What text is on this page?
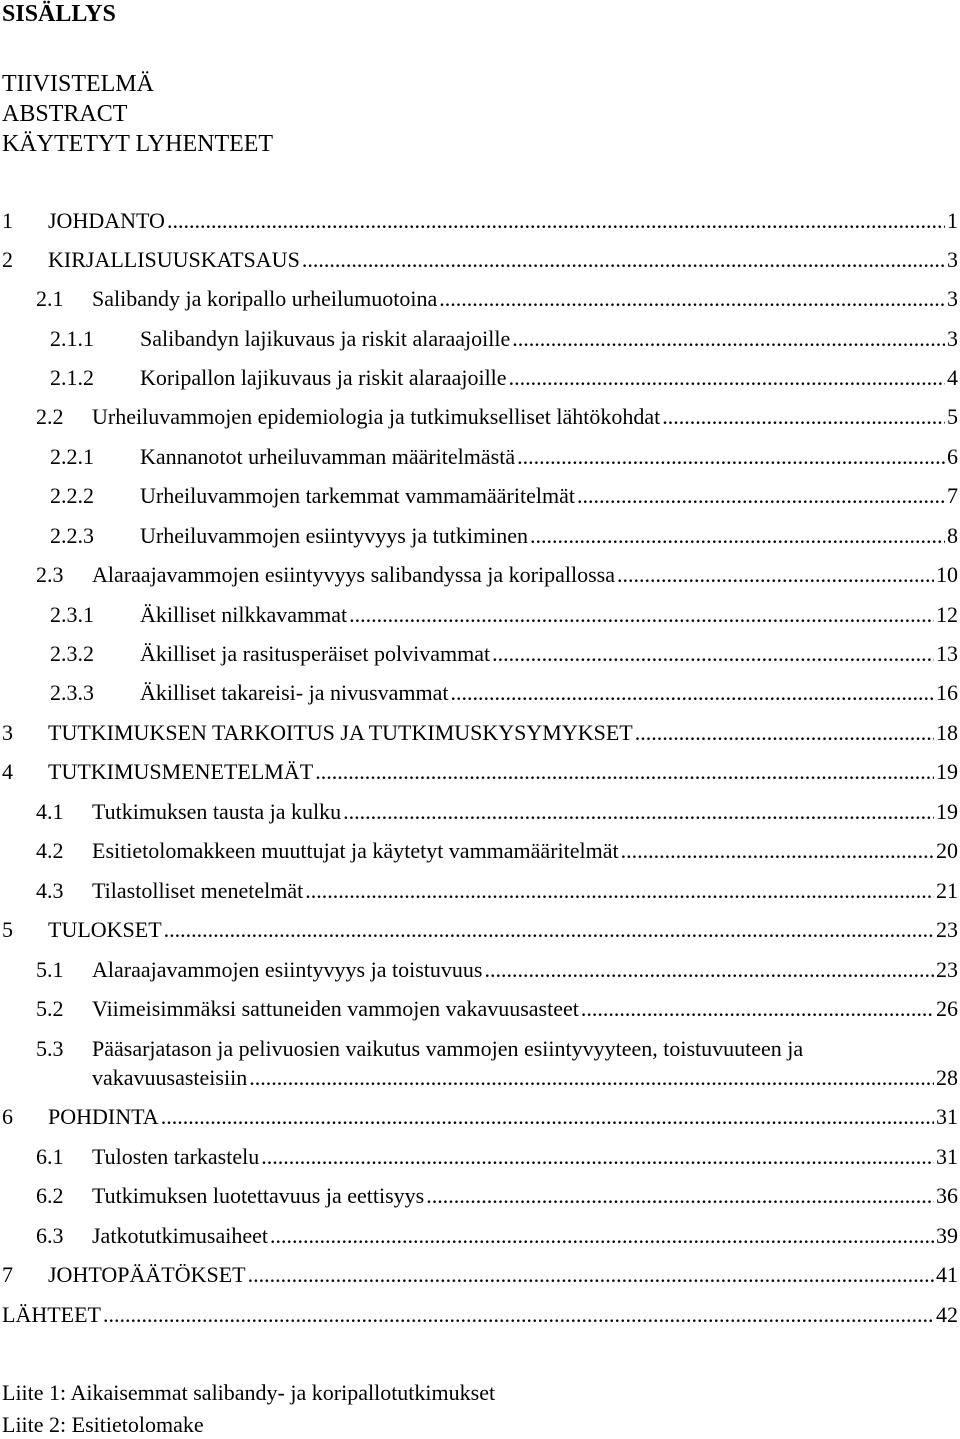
SISÄLLYS
TIIVISTELMÄ
ABSTRACT
KÄYTETYT LYHENTEET
1 JOHDANTO .....	1
2 KIRJALLISUUSKATSAUS .....	3
2.1 Salibandy ja koripallo urheilumuotoina .....	3
2.1.1 Salibandyn lajikuvaus ja riskit alaraajoille .....	3
2.1.2 Koripallon lajikuvaus ja riskit alaraajoille .....	4
2.2 Urheiluvammojen epidemiologia ja tutkimukselliset lähtökohdat .....	5
2.2.1 Kannanotot urheiluvamman määritelmästä .....	6
2.2.2 Urheiluvammojen tarkemmat vammamääritelmät .....	7
2.2.3 Urheiluvammojen esiintyvyys ja tutkiminen .....	8
2.3 Alaraajavammojen esiintyvyys salibandyssa ja koripallossa .....	10
2.3.1 Äkilliset nilkkavammat .....	12
2.3.2 Äkilliset ja rasitusperäiset polvivammat .....	13
2.3.3 Äkilliset takareisi- ja nivusvammat .....	16
3 TUTKIMUKSEN TARKOITUS JA TUTKIMUSKYSYMYKSET .....	18
4 TUTKIMUSMENETELMÄT .....	19
4.1 Tutkimuksen tausta ja kulku .....	19
4.2 Esitietolomakkeen muuttujat ja käytetyt vammamääritelmät .....	20
4.3 Tilastolliset menetelmät .....	21
5 TULOKSET .....	23
5.1 Alaraajavammojen esiintyvyys ja toistuvuus .....	23
5.2 Viimeisimmäksi sattuneiden vammojen vakavuusasteet .....	26
5.3 Pääsarjatason ja pelivuosien vaikutus vammojen esiintyvyyteen, toistuvuuteen ja
vakavuusasteisiin .....	28
6 POHDINTA .....	31
6.1 Tulosten tarkastelu .....	31
6.2 Tutkimuksen luotettavuus ja eettisyys .....	36
6.3 Jatkotutkimusaiheet .....	39
7 JOHTOPÄÄTÖKSET .....	41
LÄHTEET .....	42
Liite 1: Aikaisemmat salibandy- ja koripallotutkimukset
Liite 2: Esitietolomake
